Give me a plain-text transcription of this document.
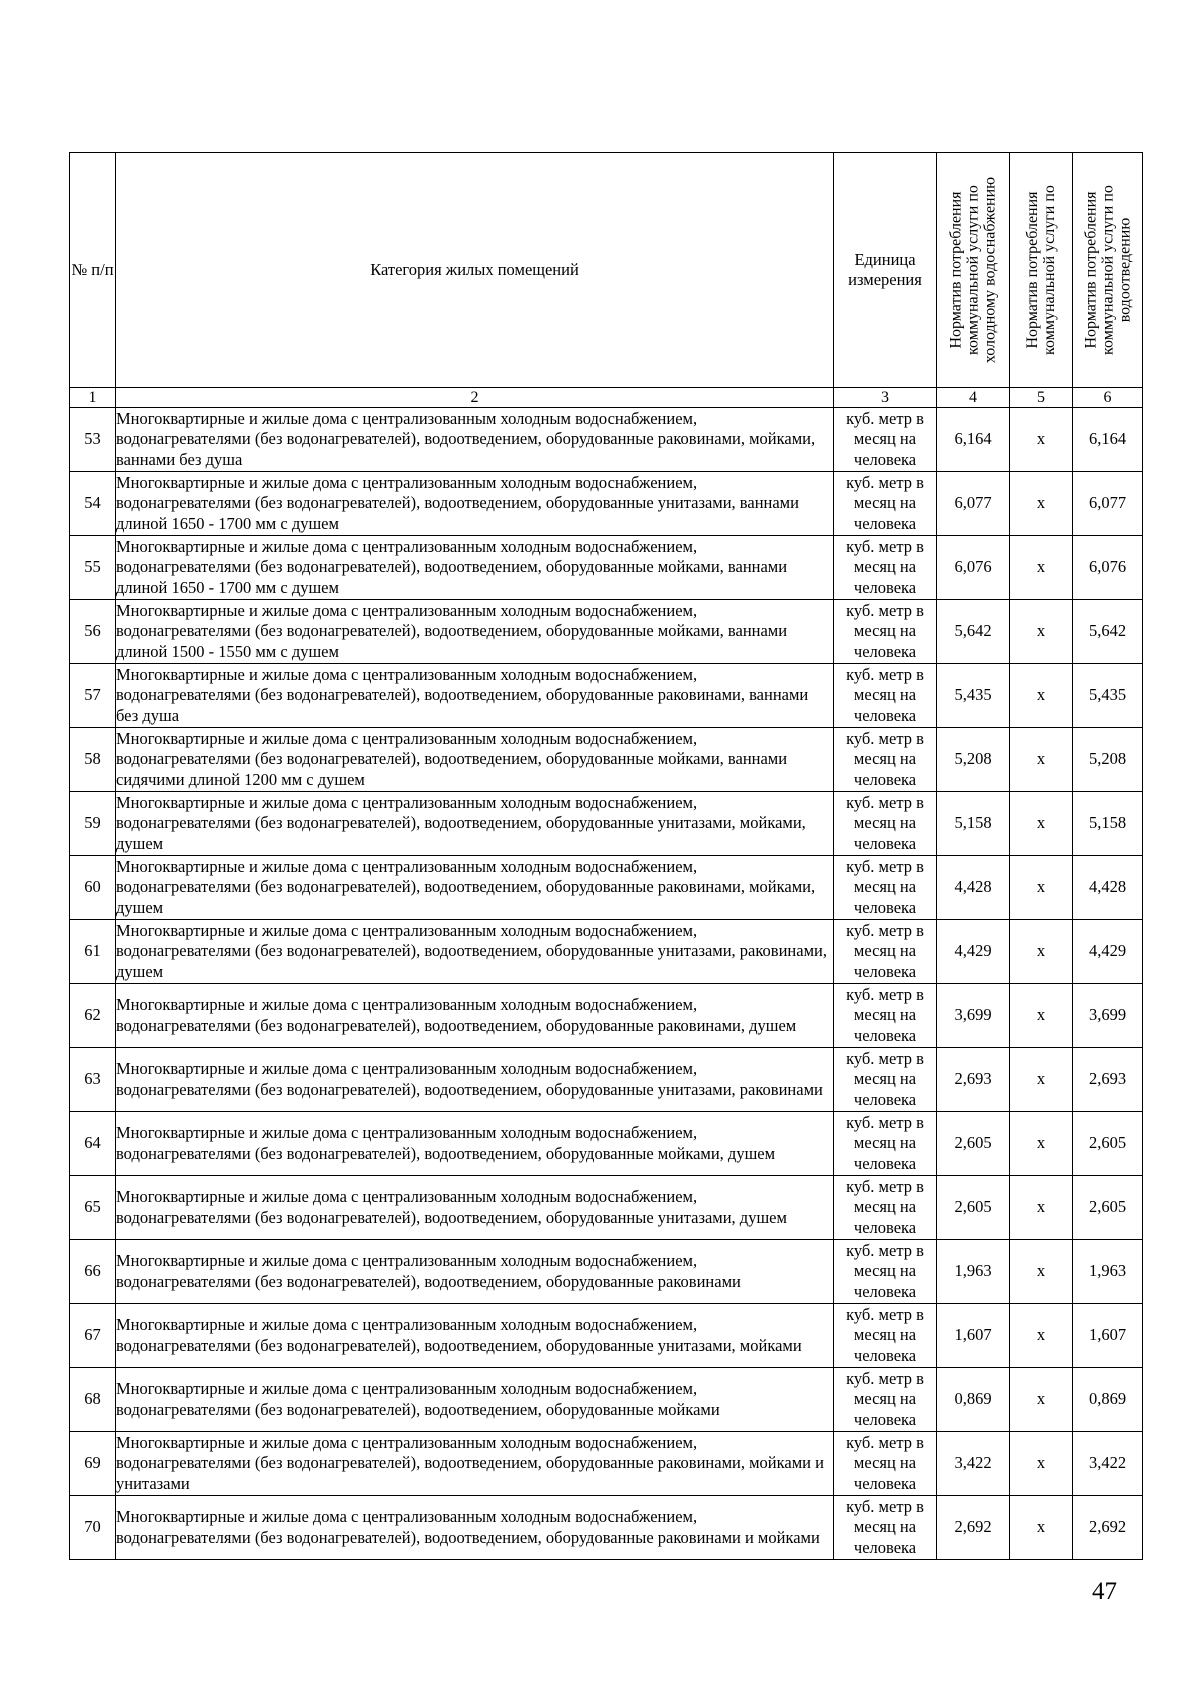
№ п/п	Категория жилых помещений	Единица измерения	Норматив потребления коммунальной услуги по холодному водоснабжению	Норматив потребления коммунальной услуги по	Норматив потребления коммунальной услуги по водоотведению

1	2	3	4	5	6
53	Многоквартирные и жилые дома с централизованным холодным водоснабжением, водонагревателями (без водонагревателей), водоотведением, оборудованные раковинами, мойками, ваннами без душа	куб. метр в месяц на человека	6,164	х	6,164
54	Многоквартирные и жилые дома с централизованным холодным водоснабжением, водонагревателями (без водонагревателей), водоотведением, оборудованные унитазами, ваннами длиной 1650 - 1700 мм с душем	куб. метр в месяц на человека	6,077	х	6,077
55	Многоквартирные и жилые дома с централизованным холодным водоснабжением, водонагревателями (без водонагревателей), водоотведением, оборудованные мойками, ваннами длиной 1650 - 1700 мм с душем	куб. метр в месяц на человека	6,076	х	6,076
56	Многоквартирные и жилые дома с централизованным холодным водоснабжением, водонагревателями (без водонагревателей), водоотведением, оборудованные мойками, ваннами длиной 1500 - 1550 мм с душем	куб. метр в месяц на человека	5,642	х	5,642
57	Многоквартирные и жилые дома с централизованным холодным водоснабжением, водонагревателями (без водонагревателей), водоотведением, оборудованные раковинами, ваннами без душа	куб. метр в месяц на человека	5,435	х	5,435
58	Многоквартирные и жилые дома с централизованным холодным водоснабжением, водонагревателями (без водонагревателей), водоотведением, оборудованные мойками, ваннами сидячими длиной 1200 мм с душем	куб. метр в месяц на человека	5,208	х	5,208
59	Многоквартирные и жилые дома с централизованным холодным водоснабжением, водонагревателями (без водонагревателей), водоотведением, оборудованные унитазами, мойками, душем	куб. метр в месяц на человека	5,158	х	5,158
60	Многоквартирные и жилые дома с централизованным холодным водоснабжением, водонагревателями (без водонагревателей), водоотведением, оборудованные раковинами, мойками, душем	куб. метр в месяц на человека	4,428	х	4,428
61	Многоквартирные и жилые дома с централизованным холодным водоснабжением, водонагревателями (без водонагревателей), водоотведением, оборудованные унитазами, раковинами, душем	куб. метр в месяц на человека	4,429	х	4,429
62	Многоквартирные и жилые дома с централизованным холодным водоснабжением, водонагревателями (без водонагревателей), водоотведением, оборудованные раковинами, душем	куб. метр в месяц на человека	3,699	х	3,699
63	Многоквартирные и жилые дома с централизованным холодным водоснабжением, водонагревателями (без водонагревателей), водоотведением, оборудованные унитазами, раковинами	куб. метр в месяц на человека	2,693	х	2,693
64	Многоквартирные и жилые дома с централизованным холодным водоснабжением, водонагревателями (без водонагревателей), водоотведением, оборудованные мойками, душем	куб. метр в месяц на человека	2,605	х	2,605
65	Многоквартирные и жилые дома с централизованным холодным водоснабжением, водонагревателями (без водонагревателей), водоотведением, оборудованные унитазами, душем	куб. метр в месяц на человека	2,605	х	2,605
66	Многоквартирные и жилые дома с централизованным холодным водоснабжением, водонагревателями (без водонагревателей), водоотведением, оборудованные раковинами	куб. метр в месяц на человека	1,963	х	1,963
67	Многоквартирные и жилые дома с централизованным холодным водоснабжением, водонагревателями (без водонагревателей), водоотведением, оборудованные унитазами, мойками	куб. метр в месяц на человека	1,607	х	1,607
68	Многоквартирные и жилые дома с централизованным холодным водоснабжением, водонагревателями (без водонагревателей), водоотведением, оборудованные мойками	куб. метр в месяц на человека	0,869	х	0,869
69	Многоквартирные и жилые дома с централизованным холодным водоснабжением, водонагревателями (без водонагревателей), водоотведением, оборудованные раковинами, мойками и унитазами	куб. метр в месяц на человека	3,422	х	3,422
70	Многоквартирные и жилые дома с централизованным холодным водоснабжением, водонагревателями (без водонагревателей), водоотведением, оборудованные раковинами и мойками	куб. метр в месяц на человека	2,692	х	2,692
47
